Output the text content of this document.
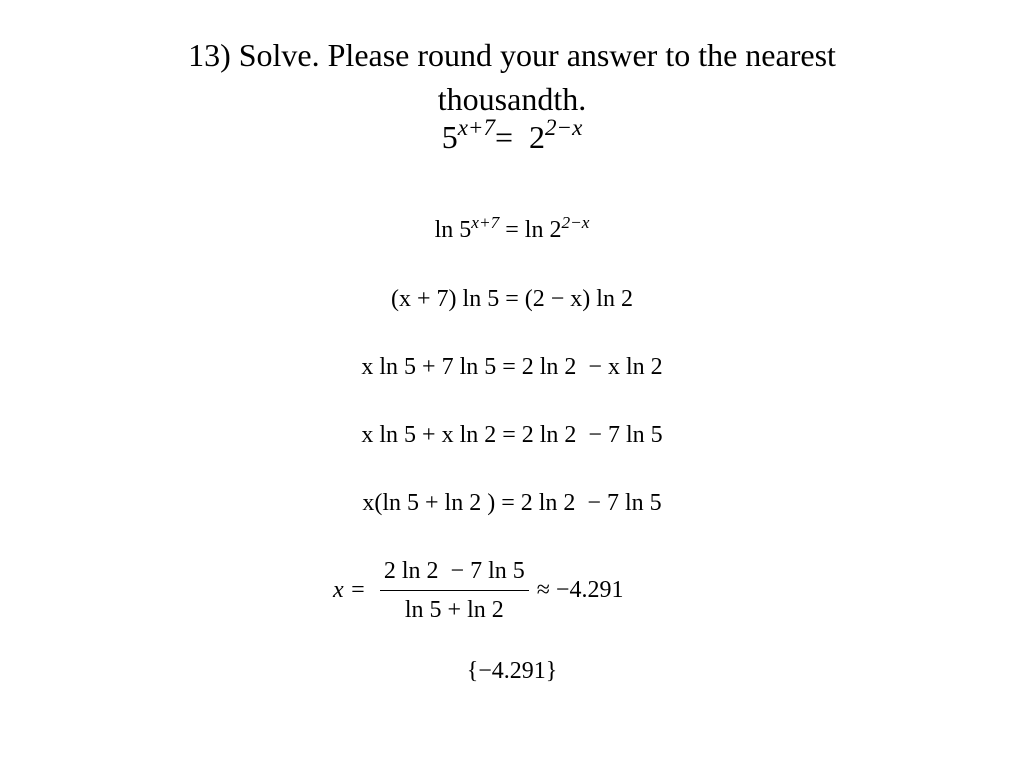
13) Solve. Please round your answer to the nearest
thousandth.
$5^{x+7}= 2^{2-x}$
$\ln 5^{x+7} = \ln 2^{2-x}$
(x + 7) ln 5 = (2 − x) ln 2
x ln 5 + 7 ln 5 = 2 ln 2  − x ln 2
x ln 5 + x ln 2 = 2 ln 2  − 7 ln 5
x(ln 5 + ln 2 ) = 2 ln 2  − 7 ln 5
$x = \frac{2 \ln 2 - 7 \ln 5}{\ln 5 + \ln 2} \approx -4.291$
{−4.291}
